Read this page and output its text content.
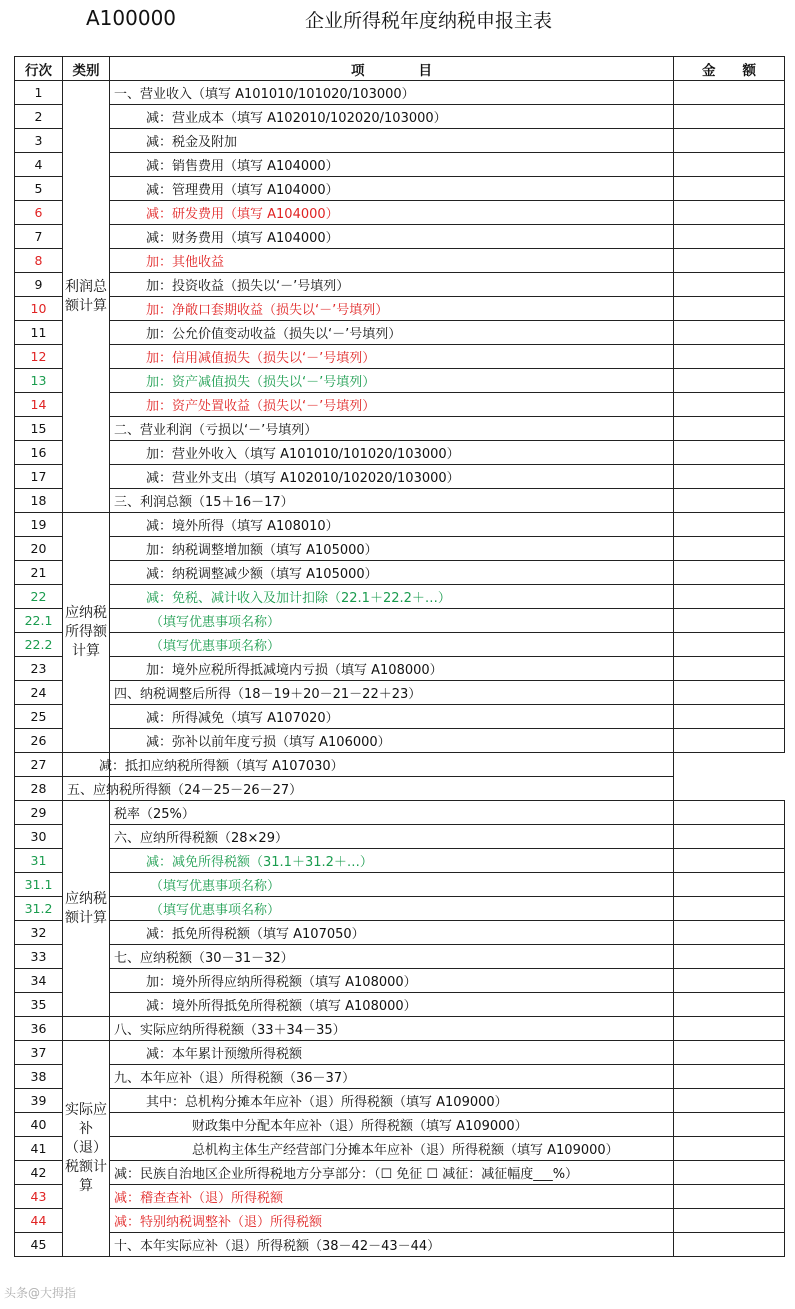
A100000	企业所得税年度纳税申报主表
行次	类别	项　　　　目	金　　额
1	利润总额计算	一、营业收入（填写 A101010/101020/103000）	
2		减：营业成本（填写 A102010/102020/103000）	
3		减：税金及附加	
4		减：销售费用（填写 A104000）	
5		减：管理费用（填写 A104000）	
6		减：研发费用（填写 A104000）	
7		减：财务费用（填写 A104000）	
8		加：其他收益	
9		加：投资收益（损失以‘－’号填列）	
10		加：净敞口套期收益（损失以‘－’号填列）	
11		加：公允价值变动收益（损失以‘－’号填列）	
12		加：信用减值损失（损失以‘－’号填列）	
13		加：资产减值损失（损失以‘－’号填列）	
14		加：资产处置收益（损失以‘－’号填列）	
15		二、营业利润（亏损以‘－’号填列）	
16		加：营业外收入（填写 A101010/101020/103000）	
17		减：营业外支出（填写 A102010/102020/103000）	
18		三、利润总额（15＋16－17）	
19	应纳税所得额计算	减：境外所得（填写 A108010）	
20		加：纳税调整增加额（填写 A105000）	
21		减：纳税调整减少额（填写 A105000）	
22		减：免税、减计收入及加计扣除（22.1＋22.2＋…）	
22.1		（填写优惠事项名称）	
22.2		（填写优惠事项名称）	
23		加：境外应税所得抵减境内亏损（填写 A108000）	
24		四、纳税调整后所得（18－19＋20－21－22＋23）	
25		减：所得减免（填写 A107020）	
26		减：弥补以前年度亏损（填写 A106000）	
27	减：抵扣应纳税所得额（填写 A107030）		
28	五、应纳税所得额（24－25－26－27）		
29	应纳税额计算	税率（25%）	
30		六、应纳所得税额（28×29）	
31		减：减免所得税额（31.1＋31.2＋…）	
31.1		（填写优惠事项名称）	
31.2		（填写优惠事项名称）	
32		减：抵免所得税额（填写 A107050）	
33		七、应纳税额（30－31－32）	
34		加：境外所得应纳所得税额（填写 A108000）	
35		减：境外所得抵免所得税额（填写 A108000）	
36		八、实际应纳所得税额（33＋34－35）	
37	实际应补（退）税额计算	减：本年累计预缴所得税额	
38		九、本年应补（退）所得税额（36－37）	
39		其中：总机构分摊本年应补（退）所得税额（填写 A109000）	
40		财政集中分配本年应补（退）所得税额（填写 A109000）	
41		总机构主体生产经营部门分摊本年应补（退）所得税额（填写 A109000）	
42		减：民族自治地区企业所得税地方分享部分：（☐ 免征 ☐ 减征：减征幅度___%）	
43		减：稽查查补（退）所得税额	
44		减：特别纳税调整补（退）所得税额	
45		十、本年实际应补（退）所得税额（38－42－43－44）	
头条@大拇指
